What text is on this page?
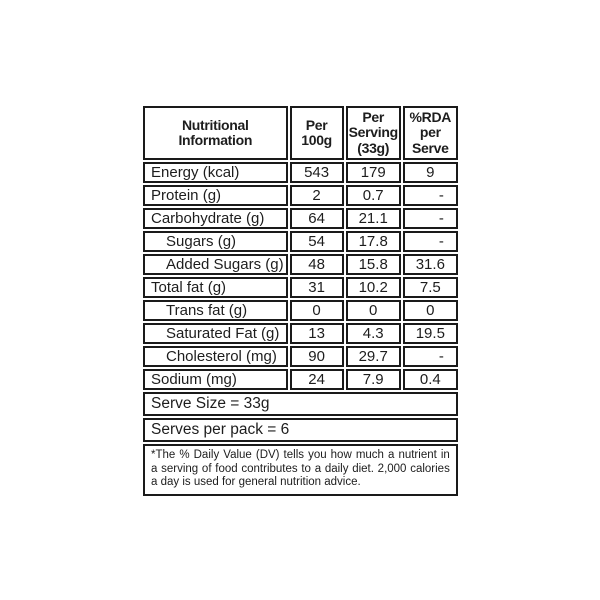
Nutritional Information	Per 100g	Per Serving (33g)	%RDA per Serve
Energy (kcal)	543	179	9
Protein (g)	2	0.7	-
Carbohydrate (g)	64	21.1	-
Sugars (g)	54	17.8	-
Added Sugars (g)	48	15.8	31.6
Total fat (g)	31	10.2	7.5
Trans fat (g)	0	0	0
Saturated Fat (g)	13	4.3	19.5
Cholesterol (mg)	90	29.7	-
Sodium (mg)	24	7.9	0.4
Serve Size = 33g			
Serves per pack = 6			
*The % Daily Value (DV) tells you how much a nutrient in a serving of food contributes to a daily diet. 2,000 calories a day is used for general nutrition advice.			
